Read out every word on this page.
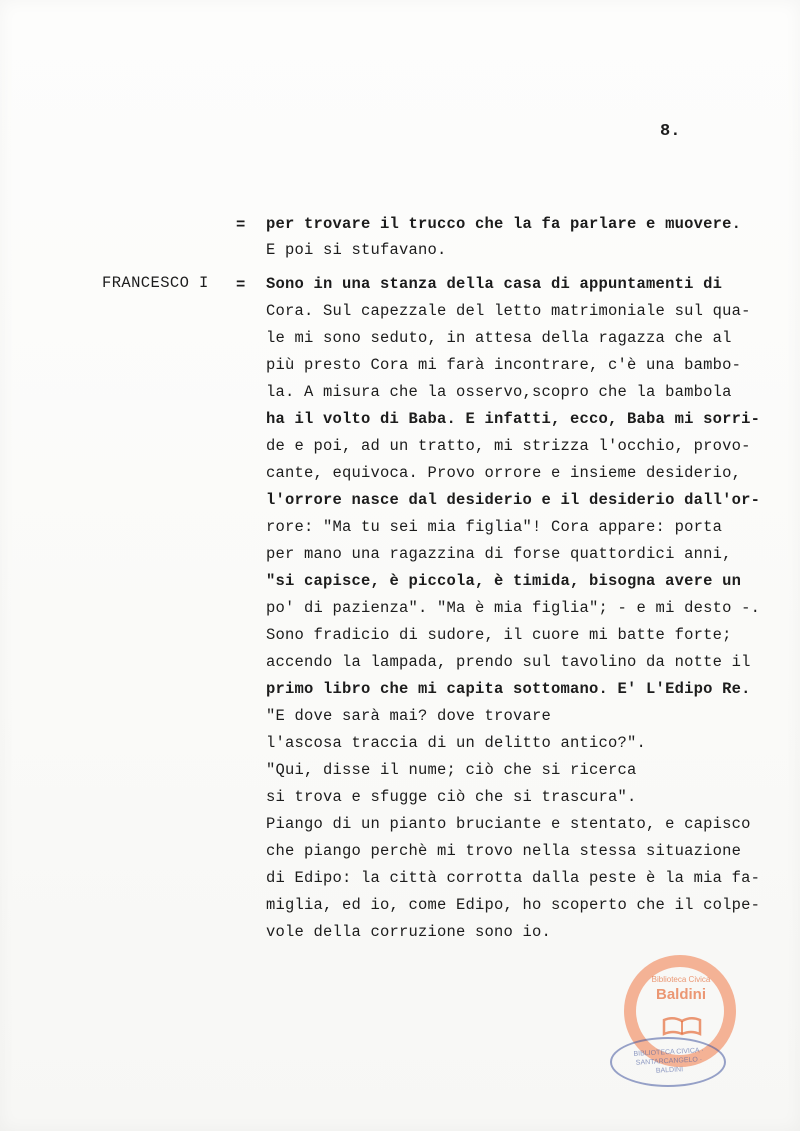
8.
= per trovare il trucco che la fa parlare e muovere.
E poi si stufavano.
FRANCESCO I = Sono in una stanza della casa di appuntamenti di
Cora. Sul capezzale del letto matrimoniale sul qua-
le mi sono seduto, in attesa della ragazza che al
più presto Cora mi farà incontrare, c'è una bambo-
la. A misura che la osservo,scopro che la bambola
ha il volto di Baba. E infatti, ecco, Baba mi sorri-
de e poi, ad un tratto, mi strizza l'occhio, provo-
cante, equivoca. Provo orrore e insieme desiderio,
l'orrore nasce dal desiderio e il desiderio dall'or-
rore: "Ma tu sei mia figlia"! Cora appare: porta
per mano una ragazzina di forse quattordici anni,
"si capisce, è piccola, è timida, bisogna avere un
po' di pazienza". "Ma è mia figlia"; - e mi desto -.
Sono fradicio di sudore, il cuore mi batte forte;
accendo la lampada, prendo sul tavolino da notte il
primo libro che mi capita sottomano. E' L'Edipo Re.
"E dove sarà mai? dove trovare
l'ascosa traccia di un delitto antico?".
"Qui, disse il nume; ciò che si ricerca
si trova e sfugge ciò che si trascura".
Piango di un pianto bruciante e stentato, e capisco
che piango perchè mi trovo nella stessa situazione
di Edipo: la città corrotta dalla peste è la mia fa-
miglia, ed io, come Edipo, ho scoperto che il colpe-
vole della corruzione sono io.
Biblioteca Civica
Baldini
BIBLIOTECA CIVICA · SANTARCANGELO · BALDINI
